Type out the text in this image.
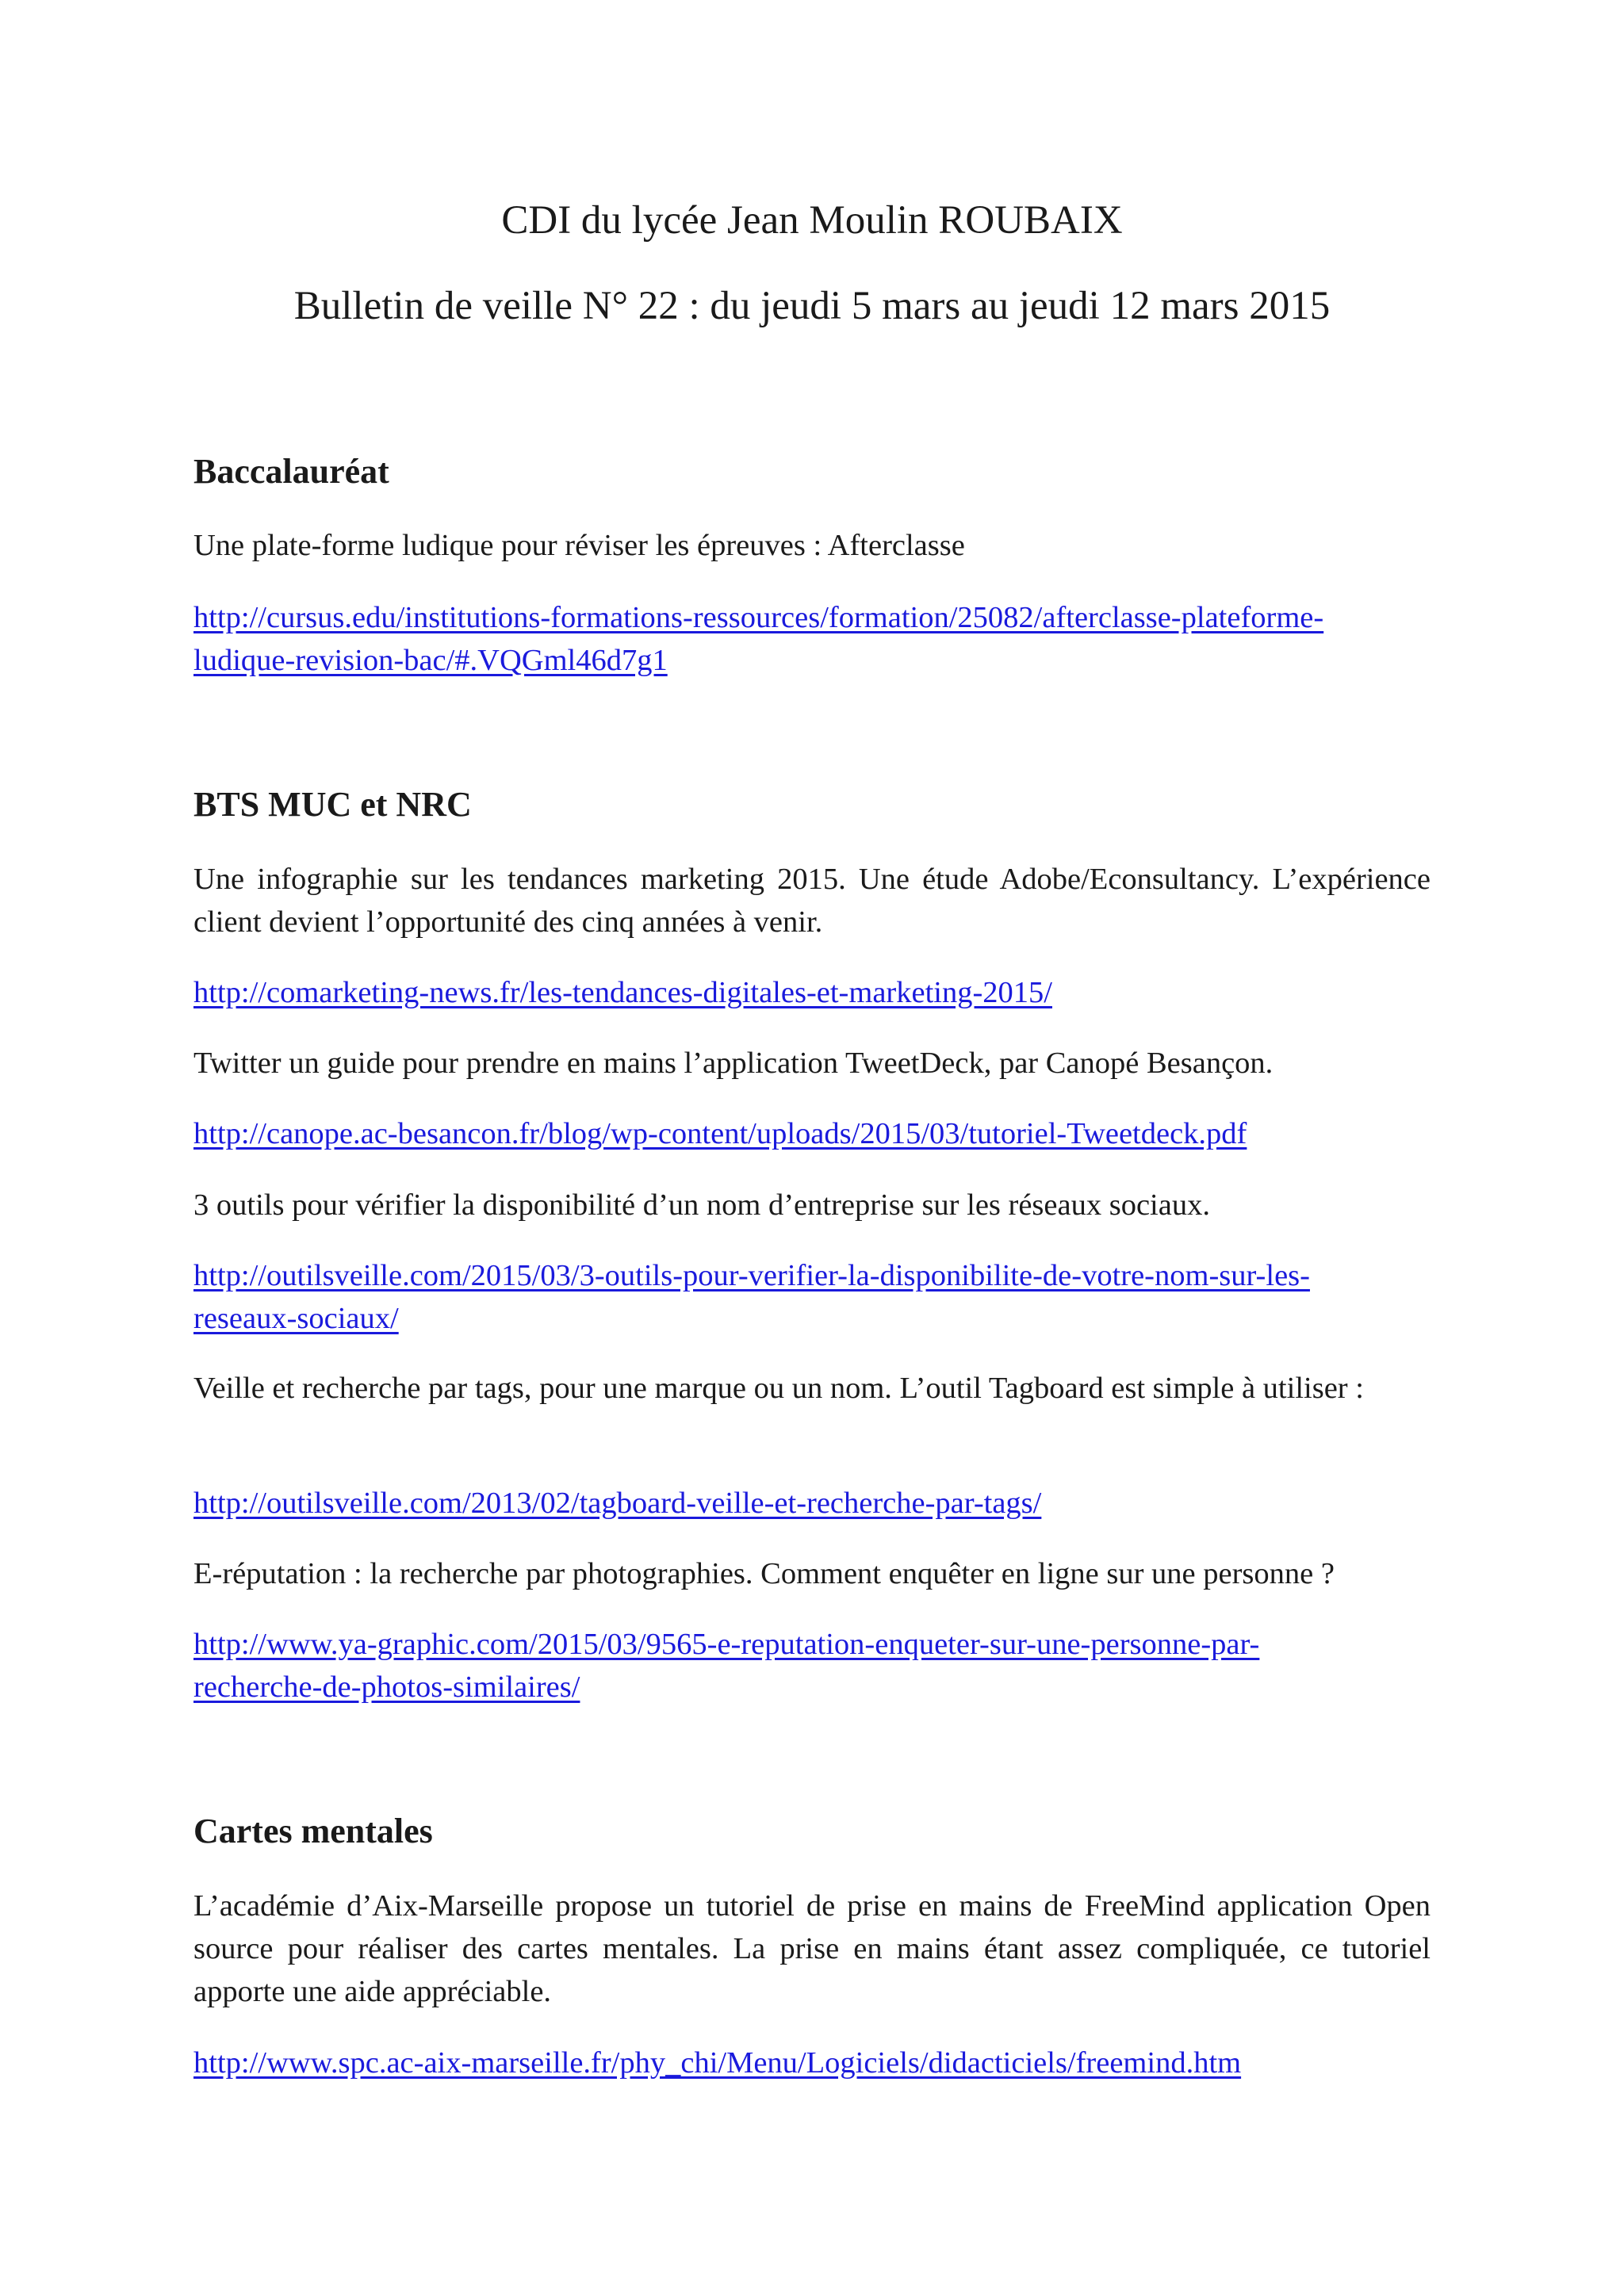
CDI du lycée Jean Moulin ROUBAIX
Bulletin de veille N° 22 : du jeudi 5 mars au jeudi 12 mars 2015
Baccalauréat
Une plate-forme ludique pour réviser les épreuves : Afterclasse
http://cursus.edu/institutions-formations-ressources/formation/25082/afterclasse-plateforme-
ludique-revision-bac/#.VQGml46d7g1
BTS MUC et NRC
Une infographie sur les tendances marketing 2015. Une étude Adobe/Econsultancy. L’expérience client devient l’opportunité des cinq années à venir.
http://comarketing-news.fr/les-tendances-digitales-et-marketing-2015/
Twitter un guide pour prendre en mains l’application TweetDeck, par Canopé Besançon.
http://canope.ac-besancon.fr/blog/wp-content/uploads/2015/03/tutoriel-Tweetdeck.pdf
3 outils pour vérifier la disponibilité d’un nom d’entreprise sur les réseaux sociaux.
http://outilsveille.com/2015/03/3-outils-pour-verifier-la-disponibilite-de-votre-nom-sur-les-
reseaux-sociaux/
Veille et recherche par tags, pour une marque ou un nom. L’outil Tagboard est simple à utiliser :
http://outilsveille.com/2013/02/tagboard-veille-et-recherche-par-tags/
E-réputation : la recherche par photographies. Comment enquêter en ligne sur une personne ?
http://www.ya-graphic.com/2015/03/9565-e-reputation-enqueter-sur-une-personne-par-
recherche-de-photos-similaires/
Cartes mentales
L’académie d’Aix-Marseille propose un tutoriel de prise en mains de FreeMind application Open source pour réaliser des cartes mentales. La prise en mains étant assez compliquée, ce tutoriel apporte une aide appréciable.
http://www.spc.ac-aix-marseille.fr/phy_chi/Menu/Logiciels/didacticiels/freemind.htm
